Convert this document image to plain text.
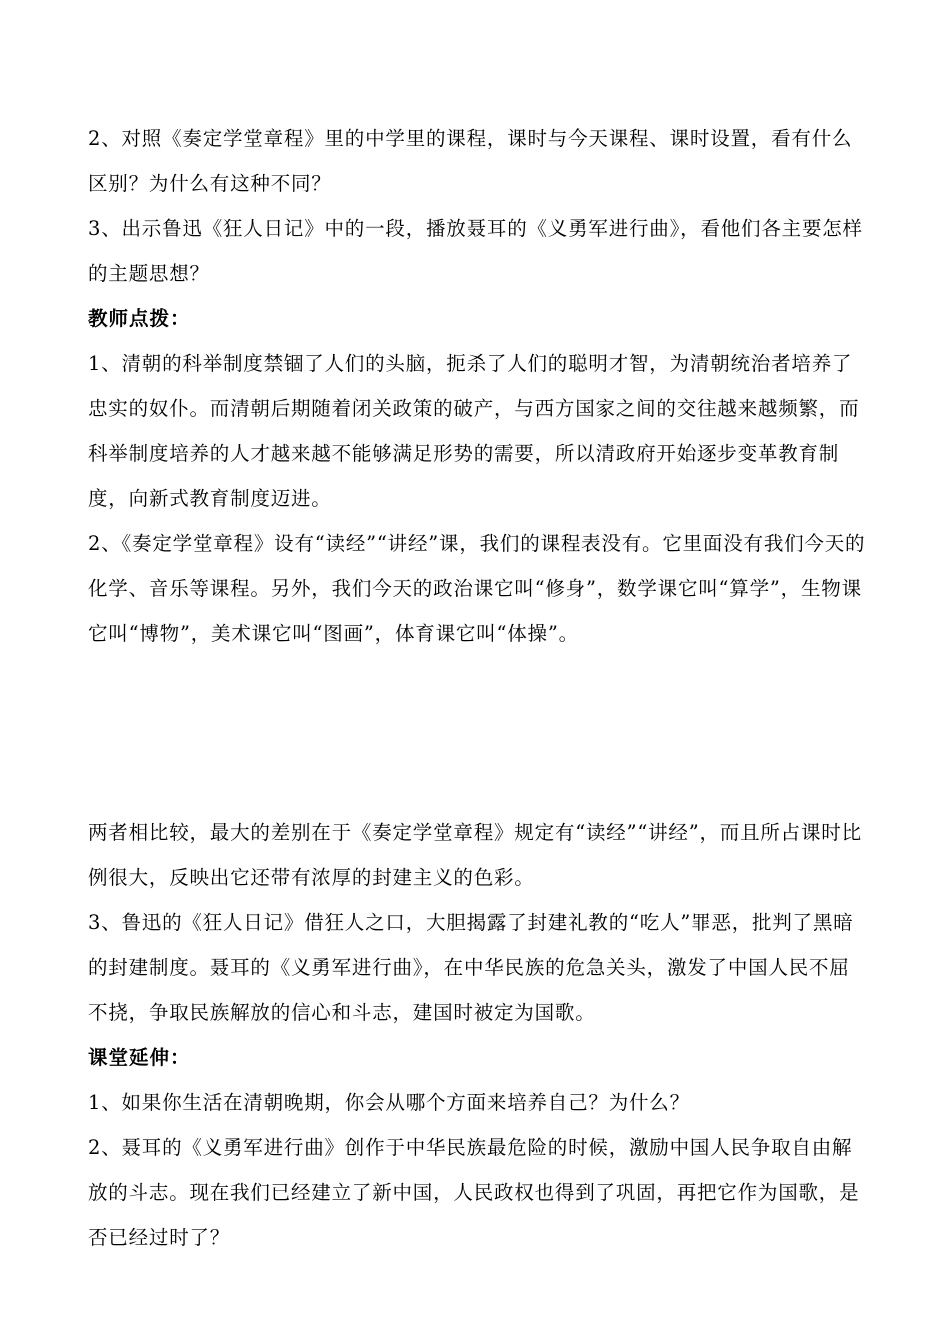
2、对照《奏定学堂章程》里的中学里的课程，课时与今天课程、课时设置，看有什么区别？为什么有这种不同？

3、出示鲁迅《狂人日记》中的一段，播放聂耳的《义勇军进行曲》，看他们各主要怎样的主题思想？

教师点拨：

1、清朝的科举制度禁锢了人们的头脑，扼杀了人们的聪明才智，为清朝统治者培养了忠实的奴仆。而清朝后期随着闭关政策的破产，与西方国家之间的交往越来越频繁，而科举制度培养的人才越来越不能够满足形势的需要，所以清政府开始逐步变革教育制度，向新式教育制度迈进。

2、《奏定学堂章程》设有“读经”“讲经”课，我们的课程表没有。它里面没有我们今天的化学、音乐等课程。另外，我们今天的政治课它叫“修身”，数学课它叫“算学”，生物课它叫“博物”，美术课它叫“图画”，体育课它叫“体操”。

两者相比较，最大的差别在于《奏定学堂章程》规定有“读经”“讲经”，而且所占课时比例很大，反映出它还带有浓厚的封建主义的色彩。

3、鲁迅的《狂人日记》借狂人之口，大胆揭露了封建礼教的“吃人”罪恶，批判了黑暗的封建制度。聂耳的《义勇军进行曲》，在中华民族的危急关头，激发了中国人民不屈不挠，争取民族解放的信心和斗志，建国时被定为国歌。

课堂延伸：

1、如果你生活在清朝晚期，你会从哪个方面来培养自己？为什么？

2、聂耳的《义勇军进行曲》创作于中华民族最危险的时候，激励中国人民争取自由解放的斗志。现在我们已经建立了新中国，人民政权也得到了巩固，再把它作为国歌，是否已经过时了？
